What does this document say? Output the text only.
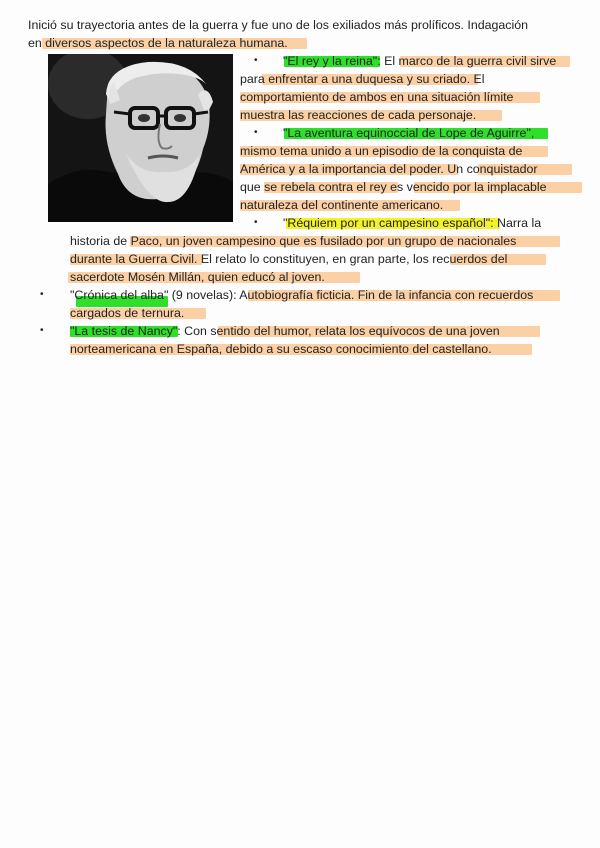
Inició su trayectoria antes de la guerra y fue uno de los exiliados más prolíficos. Indagación
en diversos aspectos de la naturaleza humana.
• "El rey y la reina": El marco de la guerra civil sirve
para enfrentar a una duquesa y su criado. El
comportamiento de ambos en una situación límite
muestra las reacciones de cada personaje.
• "La aventura equinoccial de Lope de Aguirre",
mismo tema unido a un episodio de la conquista de
América y a la importancia del poder. Un conquistador
que se rebela contra el rey es vencido por la implacable
naturaleza del continente americano.
• "Réquiem por un campesino español": Narra la
historia de Paco, un joven campesino que es fusilado por un grupo de nacionales
durante la Guerra Civil. El relato lo constituyen, en gran parte, los recuerdos del
sacerdote Mosén Millán, quien educó al joven.
• "Crónica del alba" (9 novelas): Autobiografía ficticia. Fin de la infancia con recuerdos
cargados de ternura.
• "La tesis de Nancy": Con sentido del humor, relata los equívocos de una joven
norteamericana en España, debido a su escaso conocimiento del castellano.
